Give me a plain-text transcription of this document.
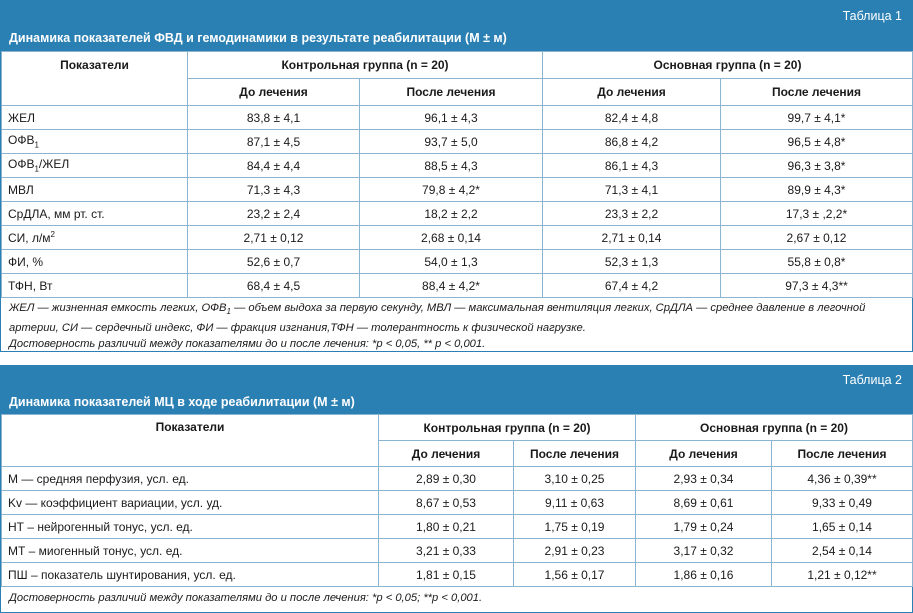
Таблица 1
Динамика показателей ФВД и гемодинамики в результате реабилитации (М ± м)
Показатели	Контрольная группа (n = 20)		Основная группа (n = 20)	
	До лечения	После лечения	До лечения	После лечения
ЖЕЛ	83,8 ± 4,1	96,1 ± 4,3	82,4 ± 4,8	99,7 ± 4,1*
$ОФВ_1$	87,1 ± 4,5	93,7 ± 5,0	86,8 ± 4,2	96,5 ± 4,8*
$ОФВ_1$/ЖЕЛ	84,4 ± 4,4	88,5 ± 4,3	86,1 ± 4,3	96,3 ± 3,8*
МВЛ	71,3 ± 4,3	79,8 ± 4,2*	71,3 ± 4,1	89,9 ± 4,3*
СрДЛА, мм рт. ст.	23,2 ± 2,4	18,2 ± 2,2	23,3 ± 2,2	17,3 ± ,2,2*
СИ, $л/м^2$	2,71 ± 0,12	2,68 ± 0,14	2,71 ± 0,14	2,67 ± 0,12
ФИ, %	52,6 ± 0,7	54,0 ± 1,3	52,3 ± 1,3	55,8 ± 0,8*
ТФН, Вт	68,4 ± 4,5	88,4 ± 4,2*	67,4 ± 4,2	97,3 ± 4,3**
ЖЕЛ — жизненная емкость легких, $ОФВ_1$ — объем выдоха за первую секунду, МВЛ — максимальная вентиляция легких, СрДЛА — среднее давление в легочной артерии, СИ — сердечный индекс, ФИ — фракция изгнания,ТФН — толерантность к физической нагрузке.
Достоверность различий между показателями до и после лечения: *p < 0,05, ** p < 0,001.
Таблица 2
Динамика показателей МЦ в ходе реабилитации (М ± м)
Показатели	Контрольная группа (n = 20)		Основная группа (n = 20)	
	До лечения	После лечения	До лечения	После лечения
М — средняя перфузия, усл. ед.	2,89 ± 0,30	3,10 ± 0,25	2,93 ± 0,34	4,36 ± 0,39**
Kv — коэффициент вариации, усл. уд.	8,67 ± 0,53	9,11 ± 0,63	8,69 ± 0,61	9,33 ± 0,49
НТ – нейрогенный тонус, усл. ед.	1,80 ± 0,21	1,75 ± 0,19	1,79 ± 0,24	1,65 ± 0,14
МТ – миогенный тонус, усл. ед.	3,21 ± 0,33	2,91 ± 0,23	3,17 ± 0,32	2,54 ± 0,14
ПШ – показатель шунтирования, усл. ед.	1,81 ± 0,15	1,56 ± 0,17	1,86 ± 0,16	1,21 ± 0,12**
Достоверность различий между показателями до и после лечения: *p < 0,05; **p < 0,001.
